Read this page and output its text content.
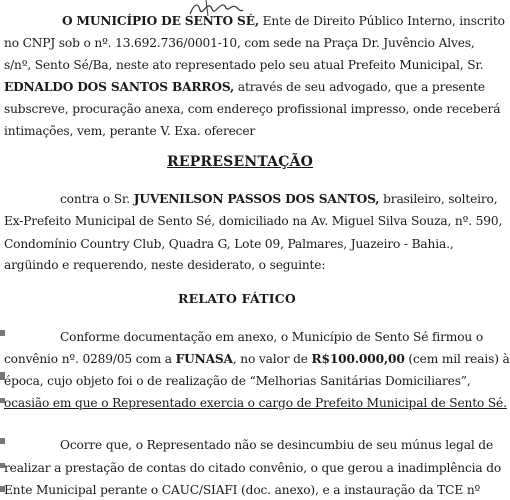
O MUNICÍPIO DE SENTO SÉ, Ente de Direito Público Interno, inscrito
no CNPJ sob o nº. 13.692.736/0001-10, com sede na Praça Dr. Juvêncio Alves,
s/nº, Sento Sé/Ba, neste ato representado pelo seu atual Prefeito Municipal, Sr.
EDNALDO DOS SANTOS BARROS, através de seu advogado, que a presente
subscreve, procuração anexa, com endereço profissional impresso, onde receberá
intimações, vem, perante V. Exa. oferecer
REPRESENTAÇÃO
contra o Sr. JUVENILSON PASSOS DOS SANTOS, brasileiro, solteiro,
Ex-Prefeito Municipal de Sento Sé, domiciliado na Av. Miguel Silva Souza, nº. 590,
Condomínio Country Club, Quadra G, Lote 09, Palmares, Juazeiro - Bahia.,
argüindo e requerendo, neste desiderato, o seguinte:
RELATO FÁTICO
Conforme documentação em anexo, o Município de Sento Sé firmou o
convênio nº. 0289/05 com a FUNASA, no valor de R$100.000,00 (cem mil reais) à
época, cujo objeto foi o de realização de “Melhorias Sanitárias Domiciliares”,
ocasião em que o Representado exercia o cargo de Prefeito Municipal de Sento Sé.
Ocorre que, o Representado não se desincumbiu de seu múnus legal de
realizar a prestação de contas do citado convênio, o que gerou a inadimplência do
Ente Municipal perante o CAUC/SIAFI (doc. anexo), e a instauração da TCE nº
